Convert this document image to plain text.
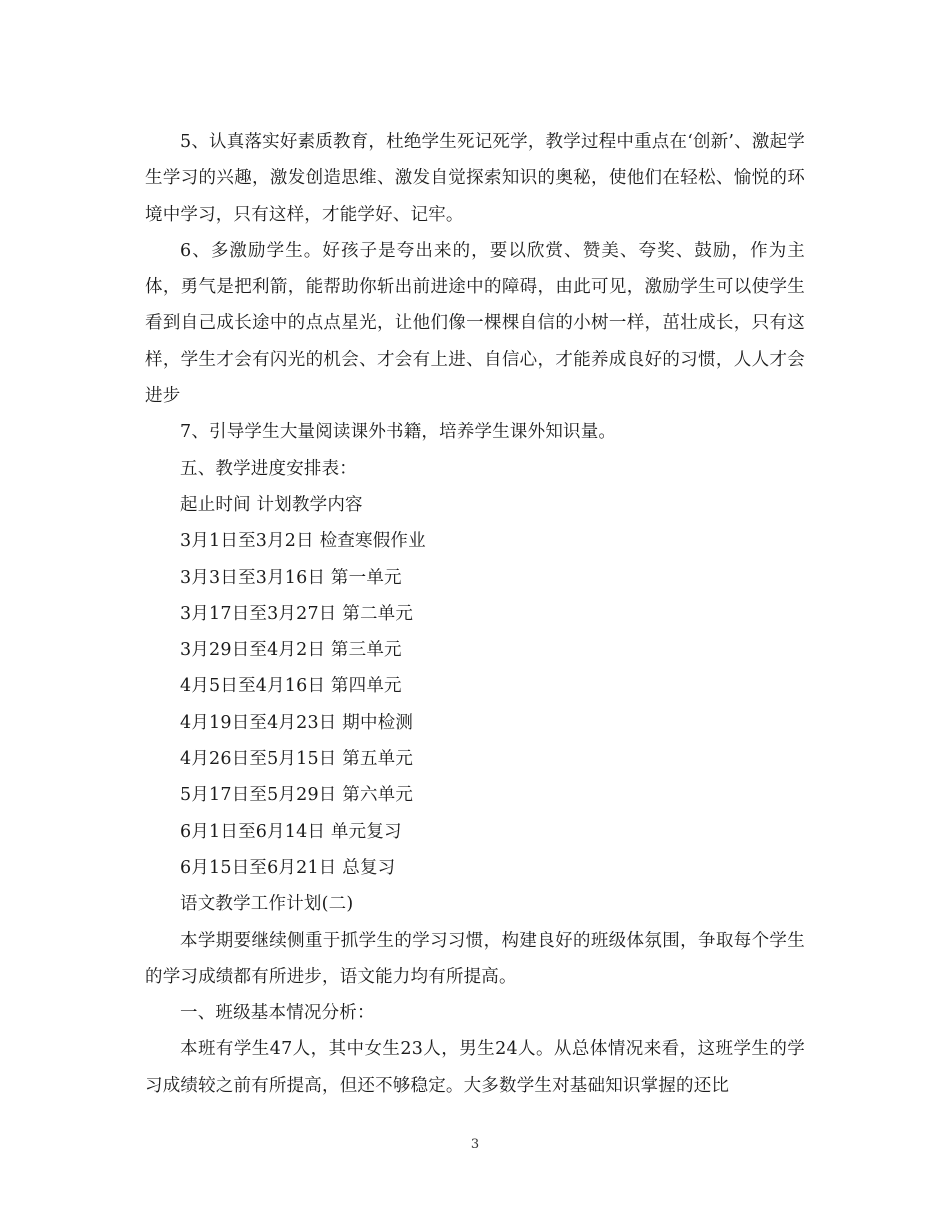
5、认真落实好素质教育，杜绝学生死记死学，教学过程中重点在‘创新’、激起学生学习的兴趣，激发创造思维、激发自觉探索知识的奥秘，使他们在轻松、愉悦的环境中学习，只有这样，才能学好、记牢。

6、多激励学生。好孩子是夸出来的，要以欣赏、赞美、夸奖、鼓励，作为主体，勇气是把利箭，能帮助你斩出前进途中的障碍，由此可见，激励学生可以使学生看到自己成长途中的点点星光，让他们像一棵棵自信的小树一样，茁壮成长，只有这样，学生才会有闪光的机会、才会有上进、自信心，才能养成良好的习惯，人人才会进步

7、引导学生大量阅读课外书籍，培养学生课外知识量。

五、教学进度安排表：

起止时间 计划教学内容

3月1日至3月2日 检查寒假作业

3月3日至3月16日 第一单元

3月17日至3月27日 第二单元

3月29日至4月2日 第三单元

4月5日至4月16日 第四单元

4月19日至4月23日 期中检测

4月26日至5月15日 第五单元

5月17日至5月29日 第六单元

6月1日至6月14日 单元复习

6月15日至6月21日 总复习

语文教学工作计划(二)

本学期要继续侧重于抓学生的学习习惯，构建良好的班级体氛围，争取每个学生的学习成绩都有所进步，语文能力均有所提高。

一、班级基本情况分析：

本班有学生47人，其中女生23人，男生24人。从总体情况来看，这班学生的学习成绩较之前有所提高，但还不够稳定。大多数学生对基础知识掌握的还比

3
